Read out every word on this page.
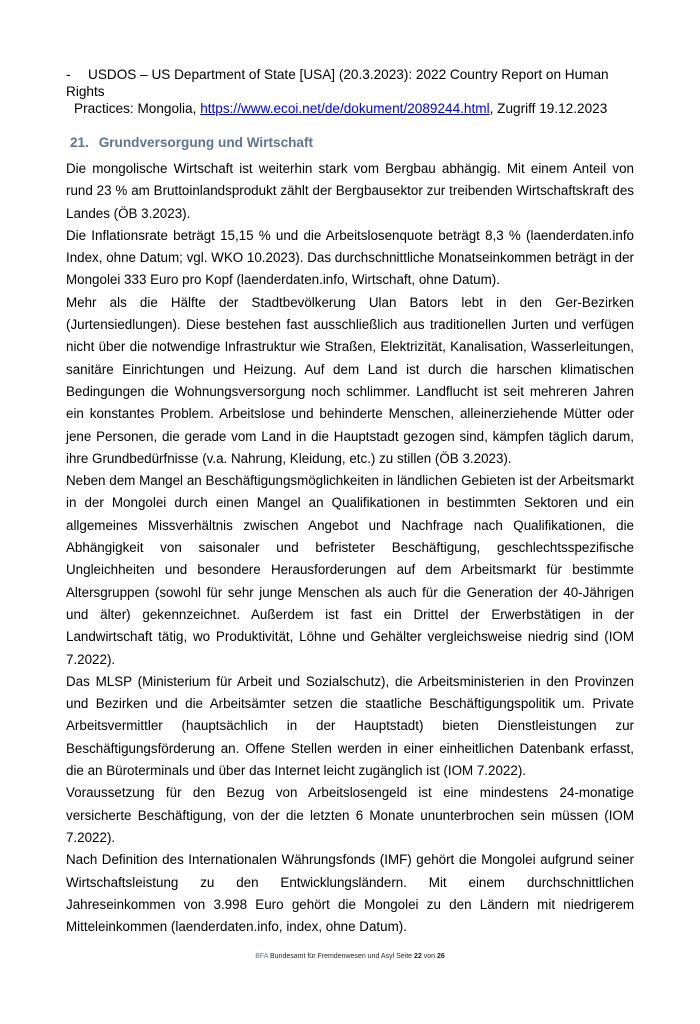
- USDOS – US Department of State [USA] (20.3.2023): 2022 Country Report on Human Rights
Practices: Mongolia, https://www.ecoi.net/de/dokument/2089244.html, Zugriff 19.12.2023
21. Grundversorgung und Wirtschaft

Die mongolische Wirtschaft ist weiterhin stark vom Bergbau abhängig. Mit einem Anteil von rund 23 % am Bruttoinlandsprodukt zählt der Bergbausektor zur treibenden Wirtschaftskraft des Landes (ÖB 3.2023).

Die Inflationsrate beträgt 15,15 % und die Arbeitslosenquote beträgt 8,3 % (laenderdaten.info Index, ohne Datum; vgl. WKO 10.2023). Das durchschnittliche Monatseinkommen beträgt in der Mongolei 333 Euro pro Kopf (laenderdaten.info, Wirtschaft, ohne Datum).

Mehr als die Hälfte der Stadtbevölkerung Ulan Bators lebt in den Ger-Bezirken (Jurtensiedlungen). Diese bestehen fast ausschließlich aus traditionellen Jurten und verfügen nicht über die notwendige Infrastruktur wie Straßen, Elektrizität, Kanalisation, Wasserleitungen, sanitäre Einrichtungen und Heizung. Auf dem Land ist durch die harschen klimatischen Bedingungen die Wohnungsversorgung noch schlimmer. Landflucht ist seit mehreren Jahren ein konstantes Problem. Arbeitslose und behinderte Menschen, alleinerziehende Mütter oder jene Personen, die gerade vom Land in die Hauptstadt gezogen sind, kämpfen täglich darum, ihre Grundbedürfnisse (v.a. Nahrung, Kleidung, etc.) zu stillen (ÖB 3.2023).

Neben dem Mangel an Beschäftigungsmöglichkeiten in ländlichen Gebieten ist der Arbeitsmarkt in der Mongolei durch einen Mangel an Qualifikationen in bestimmten Sektoren und ein allgemeines Missverhältnis zwischen Angebot und Nachfrage nach Qualifikationen, die Abhängigkeit von saisonaler und befristeter Beschäftigung, geschlechtsspezifische Ungleichheiten und besondere Herausforderungen auf dem Arbeitsmarkt für bestimmte Altersgruppen (sowohl für sehr junge Menschen als auch für die Generation der 40-Jährigen und älter) gekennzeichnet. Außerdem ist fast ein Drittel der Erwerbstätigen in der Landwirtschaft tätig, wo Produktivität, Löhne und Gehälter vergleichsweise niedrig sind (IOM 7.2022).

Das MLSP (Ministerium für Arbeit und Sozialschutz), die Arbeitsministerien in den Provinzen und Bezirken und die Arbeitsämter setzen die staatliche Beschäftigungspolitik um. Private Arbeitsvermittler (hauptsächlich in der Hauptstadt) bieten Dienstleistungen zur Beschäftigungsförderung an. Offene Stellen werden in einer einheitlichen Datenbank erfasst, die an Büroterminals und über das Internet leicht zugänglich ist (IOM 7.2022).

Voraussetzung für den Bezug von Arbeitslosengeld ist eine mindestens 24-monatige versicherte Beschäftigung, von der die letzten 6 Monate ununterbrochen sein müssen (IOM 7.2022).

Nach Definition des Internationalen Währungsfonds (IMF) gehört die Mongolei aufgrund seiner Wirtschaftsleistung zu den Entwicklungsländern. Mit einem durchschnittlichen Jahreseinkommen von 3.998 Euro gehört die Mongolei zu den Ländern mit niedrigerem Mitteleinkommen (laenderdaten.info, index, ohne Datum).

BFA Bundesamt für Fremdenwesen und Asyl Seite 22 von 26
